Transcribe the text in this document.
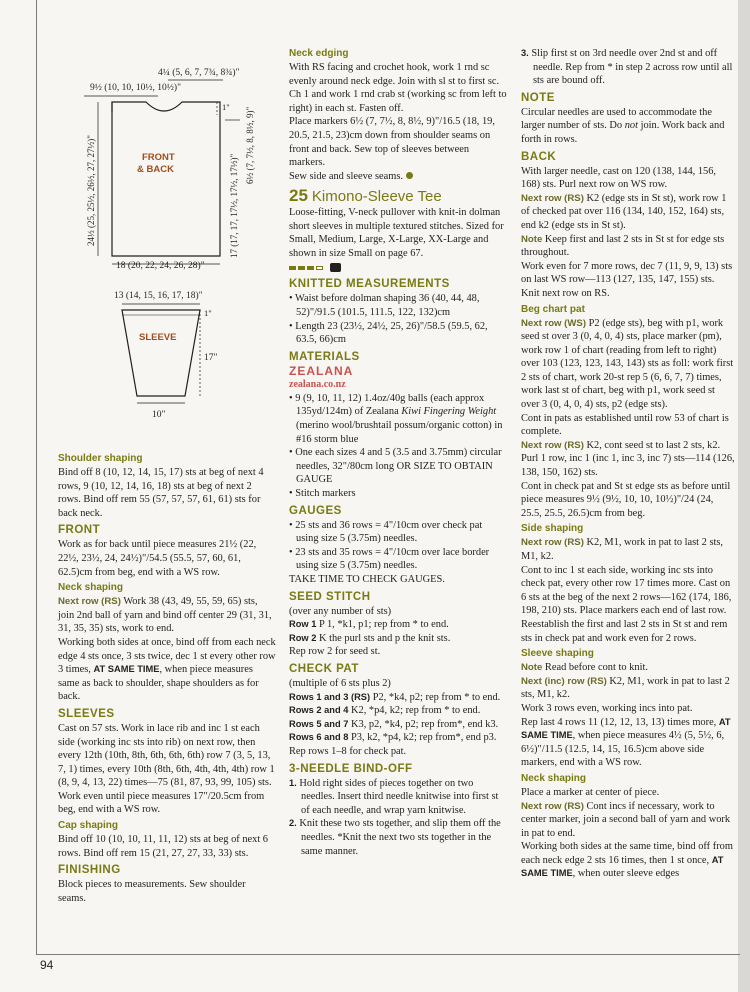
94
4¼ (5, 6, 7, 7¾, 8¾)"
9½ (10, 10, 10½, 10½)"
1"
24½ (25, 25½, 26½, 27, 27½)"	17 (17, 17, 17½, 17½, 17½)"
6½ (7, 7½, 8, 8½, 9)"
FRONT
& BACK
18 (20, 22, 24, 26, 28)"
13 (14, 15, 16, 17, 18)"
1"
SLEEVE
17"
10"
Shoulder shaping

Bind off 8 (10, 12, 14, 15, 17) sts at beg of next 4 rows, 9 (10, 12, 14, 16, 18) sts at beg of next 2 rows. Bind off rem 55 (57, 57, 57, 61, 61) sts for back neck.

FRONT

Work as for back until piece measures 21½ (22, 22½, 23½, 24, 24½)"/54.5 (55.5, 57, 60, 61, 62.5)cm from beg, end with a WS row.

Neck shaping

Next row (RS) Work 38 (43, 49, 55, 59, 65) sts, join 2nd ball of yarn and bind off center 29 (31, 31, 31, 35, 35) sts, work to end.

Working both sides at once, bind off from each neck edge 4 sts once, 3 sts twice, dec 1 st every other row 3 times, AT SAME TIME, when piece measures same as back to shoulder, shape shoulders as for back.

SLEEVES

Cast on 57 sts. Work in lace rib and inc 1 st each side (working inc sts into rib) on next row, then every 12th (10th, 8th, 6th, 6th, 6th) row 7 (3, 5, 13, 7, 1) times, every 10th (8th, 6th, 4th, 4th, 4th) row 1 (8, 9, 4, 13, 22) times—75 (81, 87, 93, 99, 105) sts. Work even until piece measures 17"/20.5cm from beg, end with a WS row.

Cap shaping

Bind off 10 (10, 10, 11, 11, 12) sts at beg of next 6 rows. Bind off rem 15 (21, 27, 27, 33, 33) sts.

FINISHING

Block pieces to measurements. Sew shoulder seams.

Neck edging

With RS facing and crochet hook, work 1 rnd sc evenly around neck edge. Join with sl st to first sc. Ch 1 and work 1 rnd crab st (working sc from left to right) in each st. Fasten off.

Place markers 6½ (7, 7½, 8, 8½, 9)"/16.5 (18, 19, 20.5, 21.5, 23)cm down from shoulder seams on front and back. Sew top of sleeves between markers.

Sew side and sleeve seams.

25 Kimono-Sleeve Tee

Loose-fitting, V-neck pullover with knit-in dolman short sleeves in multiple textured stitches. Sized for Small, Medium, Large, X-Large, XX-Large and shown in size Small on page 67.

KNITTED MEASUREMENTS

• Waist before dolman shaping 36 (40, 44, 48, 52)"/91.5 (101.5, 111.5, 122, 132)cm

• Length 23 (23½, 24½, 25, 26)"/58.5 (59.5, 62, 63.5, 66)cm

MATERIALS
ZEALANA
zealana.co.nz

• 9 (9, 10, 11, 12) 1.4oz/40g balls (each approx 135yd/124m) of Zealana Kiwi Fingering Weight (merino wool/brushtail possum/organic cotton) in #16 storm blue

• One each sizes 4 and 5 (3.5 and 3.75mm) circular needles, 32"/80cm long OR SIZE TO OBTAIN GAUGE

• Stitch markers

GAUGES

• 25 sts and 36 rows = 4"/10cm over check pat using size 5 (3.75m) needles.

• 23 sts and 35 rows = 4"/10cm over lace border using size 5 (3.75m) needles.

TAKE TIME TO CHECK GAUGES.

SEED STITCH

(over any number of sts)

Row 1 P 1, *k1, p1; rep from * to end.

Row 2 K the purl sts and p the knit sts.

Rep row 2 for seed st.

CHECK PAT

(multiple of 6 sts plus 2)

Rows 1 and 3 (RS) P2, *k4, p2; rep from * to end.

Rows 2 and 4 K2, *p4, k2; rep from * to end.

Rows 5 and 7 K3, p2, *k4, p2; rep from*, end k3.

Rows 6 and 8 P3, k2, *p4, k2; rep from*, end p3.

Rep rows 1–8 for check pat.

3-NEEDLE BIND-OFF

1. Hold right sides of pieces together on two needles. Insert third needle knitwise into first st of each needle, and wrap yarn knitwise.

2. Knit these two sts together, and slip them off the needles. *Knit the next two sts together in the same manner.

3. Slip first st on 3rd needle over 2nd st and off needle. Rep from * in step 2 across row until all sts are bound off.

NOTE

Circular needles are used to accommodate the larger number of sts. Do not join. Work back and forth in rows.

BACK

With larger needle, cast on 120 (138, 144, 156, 168) sts. Purl next row on WS row.

Next row (RS) K2 (edge sts in St st), work row 1 of checked pat over 116 (134, 140, 152, 164) sts, end k2 (edge sts in St st).

Note Keep first and last 2 sts in St st for edge sts throughout.

Work even for 7 more rows, dec 7 (11, 9, 9, 13) sts on last WS row—113 (127, 135, 147, 155) sts. Knit next row on RS.

Beg chart pat

Next row (WS) P2 (edge sts), beg with p1, work seed st over 3 (0, 4, 0, 4) sts, place marker (pm), work row 1 of chart (reading from left to right) over 103 (123, 123, 143, 143) sts as foll: work first 2 sts of chart, work 20-st rep 5 (6, 6, 7, 7) times, work last st of chart, beg with p1, work seed st over 3 (0, 4, 0, 4) sts, p2 (edge sts).

Cont in pats as established until row 53 of chart is complete.

Next row (RS) K2, cont seed st to last 2 sts, k2. Purl 1 row, inc 1 (inc 1, inc 3, inc 7) sts—114 (126, 138, 150, 162) sts.

Cont in check pat and St st edge sts as before until piece measures 9½ (9½, 10, 10, 10½)"/24 (24, 25.5, 25.5, 26.5)cm from beg.

Side shaping

Next row (RS) K2, M1, work in pat to last 2 sts, M1, k2.

Cont to inc 1 st each side, working inc sts into check pat, every other row 17 times more. Cast on 6 sts at the beg of the next 2 rows—162 (174, 186, 198, 210) sts. Place markers each end of last row. Reestablish the first and last 2 sts in St st and rem sts in check pat and work even for 2 rows.

Sleeve shaping

Note Read before cont to knit.

Next (inc) row (RS) K2, M1, work in pat to last 2 sts, M1, k2.

Work 3 rows even, working incs into pat.

Rep last 4 rows 11 (12, 12, 13, 13) times more, AT SAME TIME, when piece measures 4½ (5, 5½, 6, 6½)"/11.5 (12.5, 14, 15, 16.5)cm above side markers, end with a WS row.

Neck shaping

Place a marker at center of piece.

Next row (RS) Cont incs if necessary, work to center marker, join a second ball of yarn and work in pat to end.

Working both sides at the same time, bind off from each neck edge 2 sts 16 times, then 1 st once, AT SAME TIME, when outer sleeve edges
